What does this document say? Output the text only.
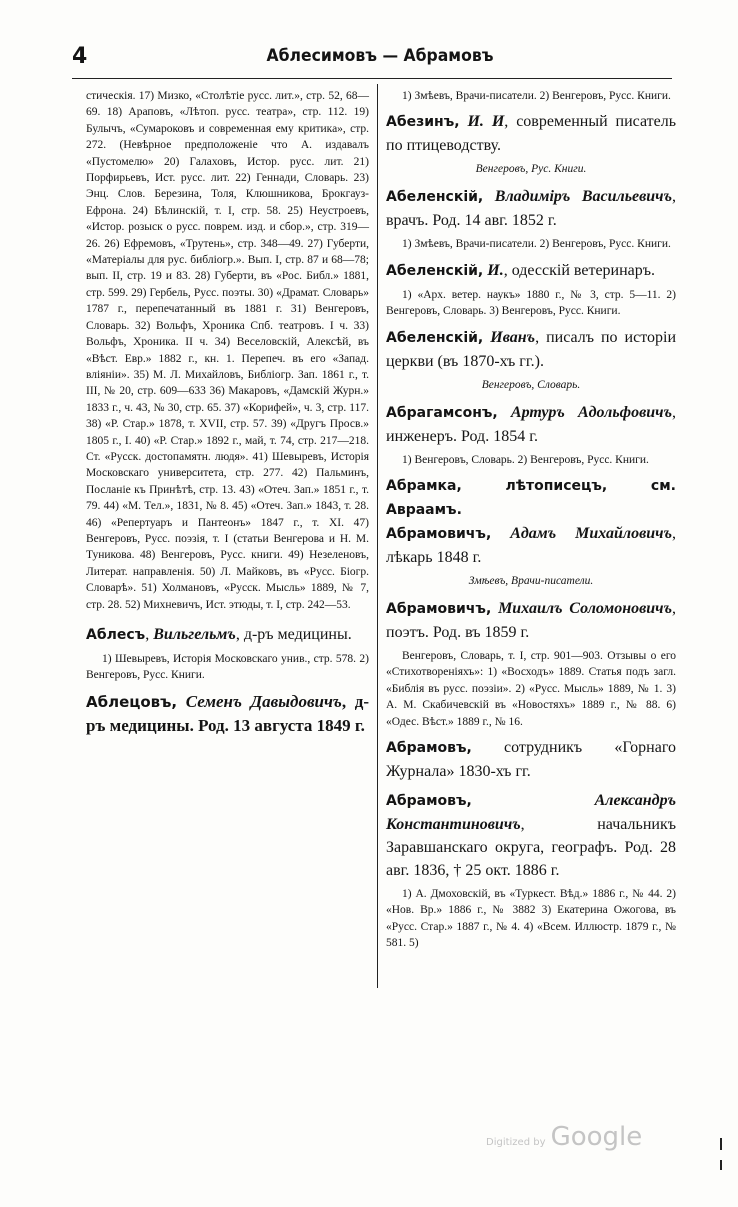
4	Аблесимовъ — Абрамовъ

стическія. 17) Мизко, «Столѣтіе русс. лит.», стр. 52, 68—69. 18) Араповъ, «Лѣтоп. русс. театра», стр. 112. 19) Булычъ, «Сумароковъ и современная ему критика», стр. 272. (Невѣрное предположеніе что А. издавалъ «Пустомелю» 20) Галаховъ, Истор. русс. лит. 21) Порфирьевъ, Ист. русс. лит. 22) Геннади, Словарь. 23) Энц. Слов. Березина, Толя, Клюшникова, Брокгауз-Ефрона. 24) Бѣлинскій, т. I, стр. 58. 25) Неустроевъ, «Истор. розыск о русс. поврем. изд. и сбор.», стр. 319—26. 26) Ефремовъ, «Трутень», стр. 348—49. 27) Губерти, «Матеріалы для рус. библіогр.». Вып. I, стр. 87 и 68—78; вып. II, стр. 19 и 83. 28) Губерти, въ «Рос. Библ.» 1881, стр. 599. 29) Гербель, Русс. поэты. 30) «Драмат. Словарь» 1787 г., перепечатанный въ 1881 г. 31) Венгеровъ, Словарь. 32) Вольфъ, Хроника Спб. театровъ. I ч. 33) Вольфъ, Хроника. II ч. 34) Веселовскій, Алексѣй, въ «Вѣст. Евр.» 1882 г., кн. 1. Перепеч. въ его «Запад. вліяніи». 35) М. Л. Михайловъ, Библіогр. Зап. 1861 г., т. III, № 20, стр. 609—633 36) Макаровъ, «Дамскій Журн.» 1833 г., ч. 43, № 30, стр. 65. 37) «Корифей», ч. 3, стр. 117. 38) «Р. Стар.» 1878, т. XVII, стр. 57. 39) «Другъ Просв.» 1805 г., I. 40) «Р. Стар.» 1892 г., май, т. 74, стр. 217—218. Ст. «Русск. достопамятн. людя». 41) Шевыревъ, Исторія Московскаго университета, стр. 277. 42) Пальминъ, Посланіе къ Принѣтѣ, стр. 13. 43) «Отеч. Зап.» 1851 г., т. 79. 44) «М. Тел.», 1831, № 8. 45) «Отеч. Зап.» 1843, т. 28. 46) «Репертуаръ и Пантеонъ» 1847 г., т. XI. 47) Венгеровъ, Русс. поэзія, т. I (статьи Венгерова и Н. М. Туникова. 48) Венгеровъ, Русс. книги. 49) Незеленовъ, Литерат. направленія. 50) Л. Майковъ, въ «Русс. Біогр. Словарѣ». 51) Холмановъ, «Русск. Мысль» 1889, № 7, стр. 28. 52) Михневичъ, Ист. этюды, т. I, стр. 242—53.

Аблесъ, Вильгельмъ, д-ръ медицины.

1) Шевыревъ, Исторія Московскаго унив., стр. 578. 2) Венгеровъ, Русс. Книги.

Аблецовъ, Семенъ Давыдовичъ, д-ръ медицины. Род. 13 августа 1849 г.

1) Змѣевъ, Врачи-писатели. 2) Венгеровъ, Русс. Книги.

Абезинъ, И. И, современный писатель по птицеводству.

Венгеровъ, Рус. Книги.

Абеленскій, Владиміръ Васильевичъ, врачъ. Род. 14 авг. 1852 г.

1) Змѣевъ, Врачи-писатели. 2) Венгеровъ, Русс. Книги.

Абеленскій, И., одесскій ветеринаръ.

1) «Арх. ветер. наукъ» 1880 г., № 3, стр. 5—11. 2) Венгеровъ, Словарь. 3) Венгеровъ, Русс. Книги.

Абеленскій, Иванъ, писалъ по исторіи церкви (въ 1870-хъ гг.).

Венгеровъ, Словарь.

Абрагамсонъ, Артуръ Адольфовичъ, инженеръ. Род. 1854 г.

1) Венгеровъ, Словарь. 2) Венгеровъ, Русс. Книги.

Абрамка, лѣтописецъ, см. Авраамъ.

Абрамовичъ, Адамъ Михайловичъ, лѣкарь 1848 г.

Змѣевъ, Врачи-писатели.

Абрамовичъ, Михаилъ Соломоновичъ, поэтъ. Род. въ 1859 г.

Венгеровъ, Словарь, т. I, стр. 901—903. Отзывы о его «Стихотвореніяхъ»: 1) «Восходъ» 1889. Статья подъ загл. «Библія въ русс. поэзіи». 2) «Русс. Мысль» 1889, № 1. 3) А. М. Скабичевскій въ «Новостяхъ» 1889 г., № 88. 6) «Одес. Вѣст.» 1889 г., № 16.

Абрамовъ, сотрудникъ «Горнаго Журнала» 1830-хъ гг.

Абрамовъ,	Александръ Константиновичъ, начальникъ Заравшанскаго округа, географъ. Род. 28 авг. 1836, † 25 окт. 1886 г.

1) А. Дмоховскій, въ «Туркест. Вѣд.» 1886 г., № 44. 2) «Нов. Вр.» 1886 г., № 3882 3) Екатерина Ожогова, въ «Русс. Стар.» 1887 г., № 4. 4) «Всем. Иллюстр. 1879 г., № 581. 5)

Digitized by Google
